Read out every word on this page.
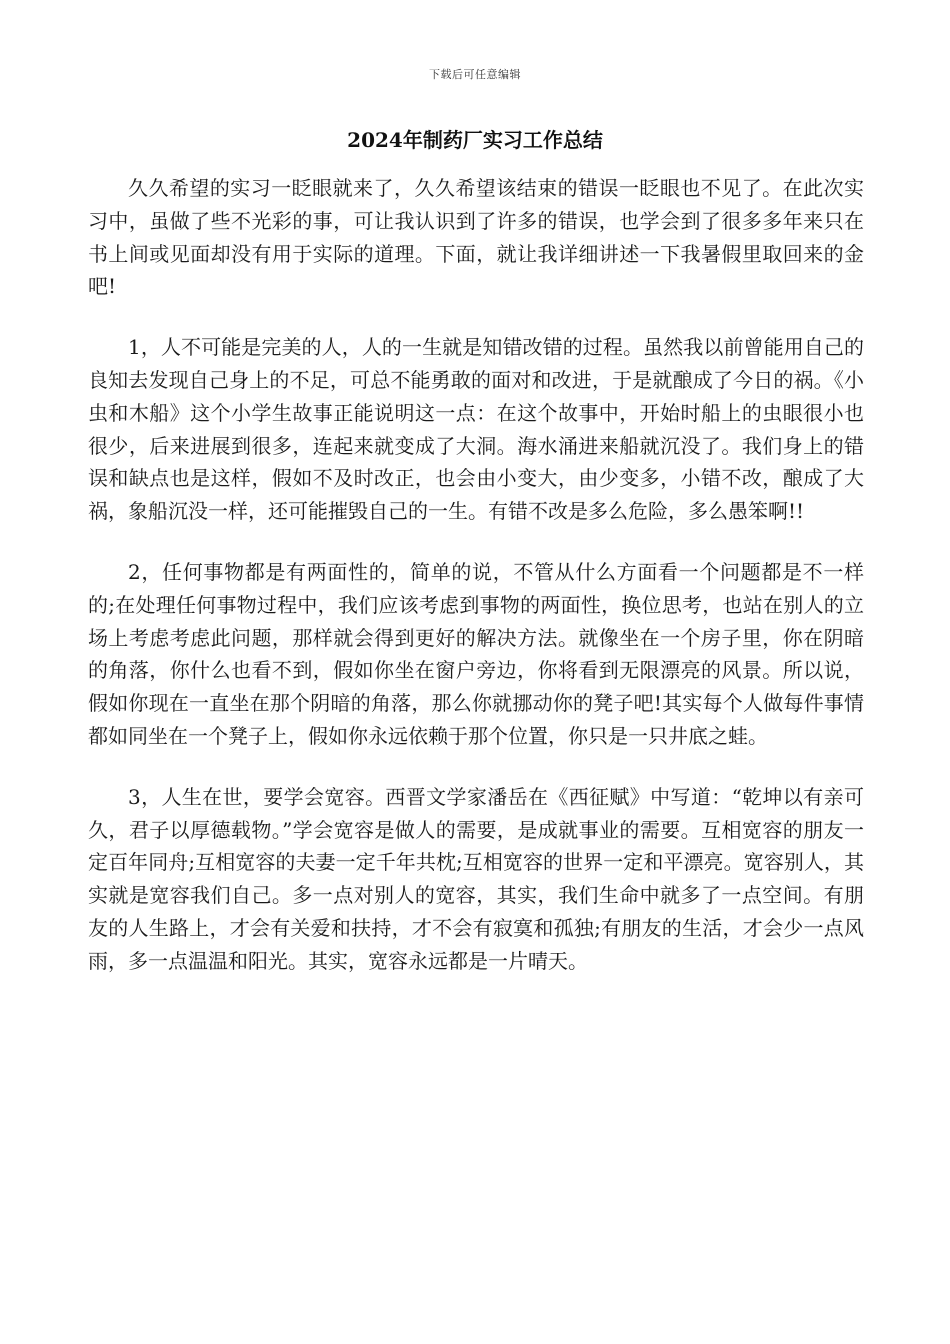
下载后可任意编辑
2024年制药厂实习工作总结

久久希望的实习一眨眼就来了，久久希望该结束的错误一眨眼也不见了。在此次实习中，虽做了些不光彩的事，可让我认识到了许多的错误，也学会到了很多多年来只在书上间或见面却没有用于实际的道理。下面，就让我详细讲述一下我暑假里取回来的金吧!

1，人不可能是完美的人，人的一生就是知错改错的过程。虽然我以前曾能用自己的良知去发现自己身上的不足，可总不能勇敢的面对和改进，于是就酿成了今日的祸。《小虫和木船》这个小学生故事正能说明这一点：在这个故事中，开始时船上的虫眼很小也很少，后来进展到很多，连起来就变成了大洞。海水涌进来船就沉没了。我们身上的错误和缺点也是这样，假如不及时改正，也会由小变大，由少变多，小错不改，酿成了大祸，象船沉没一样，还可能摧毁自己的一生。有错不改是多么危险，多么愚笨啊!!

2，任何事物都是有两面性的，简单的说，不管从什么方面看一个问题都是不一样的;在处理任何事物过程中，我们应该考虑到事物的两面性，换位思考，也站在别人的立场上考虑考虑此问题，那样就会得到更好的解决方法。就像坐在一个房子里，你在阴暗的角落，你什么也看不到，假如你坐在窗户旁边，你将看到无限漂亮的风景。所以说，假如你现在一直坐在那个阴暗的角落，那么你就挪动你的凳子吧!其实每个人做每件事情都如同坐在一个凳子上，假如你永远依赖于那个位置，你只是一只井底之蛙。

3，人生在世，要学会宽容。西晋文学家潘岳在《西征赋》中写道：“乾坤以有亲可久，君子以厚德载物。”学会宽容是做人的需要，是成就事业的需要。互相宽容的朋友一定百年同舟;互相宽容的夫妻一定千年共枕;互相宽容的世界一定和平漂亮。宽容别人，其实就是宽容我们自己。多一点对别人的宽容，其实，我们生命中就多了一点空间。有朋友的人生路上，才会有关爱和扶持，才不会有寂寞和孤独;有朋友的生活，才会少一点风雨，多一点温温和阳光。其实，宽容永远都是一片晴天。
